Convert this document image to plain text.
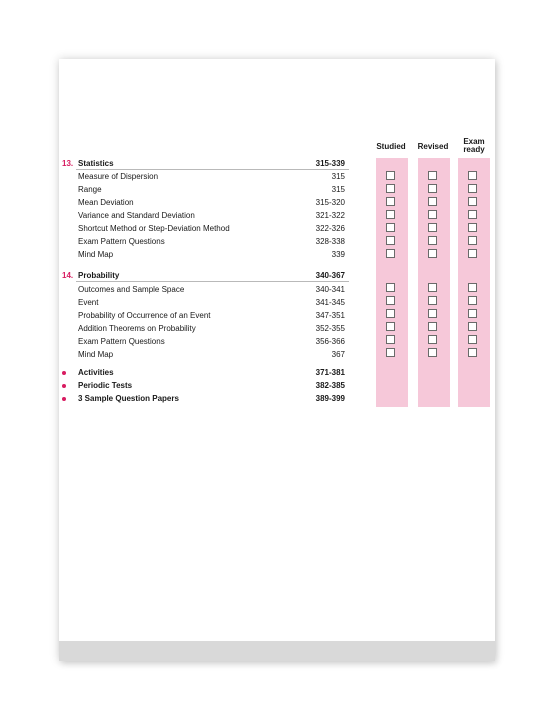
Studied Revised
Exam ready
13. Statistics	315-339
Measure of Dispersion	315
Range	315
Mean Deviation	315-320
Variance and Standard Deviation	321-322
Shortcut Method or Step-Deviation Method	322-326
Exam Pattern Questions	328-338
Mind Map	339
14. Probability	340-367
Outcomes and Sample Space	340-341
Event	341-345
Probability of Occurrence of an Event	347-351
Addition Theorems on Probability	352-355
Exam Pattern Questions	356-366
Mind Map	367
Activities	371-381
Periodic Tests	382-385
3 Sample Question Papers	389-399
